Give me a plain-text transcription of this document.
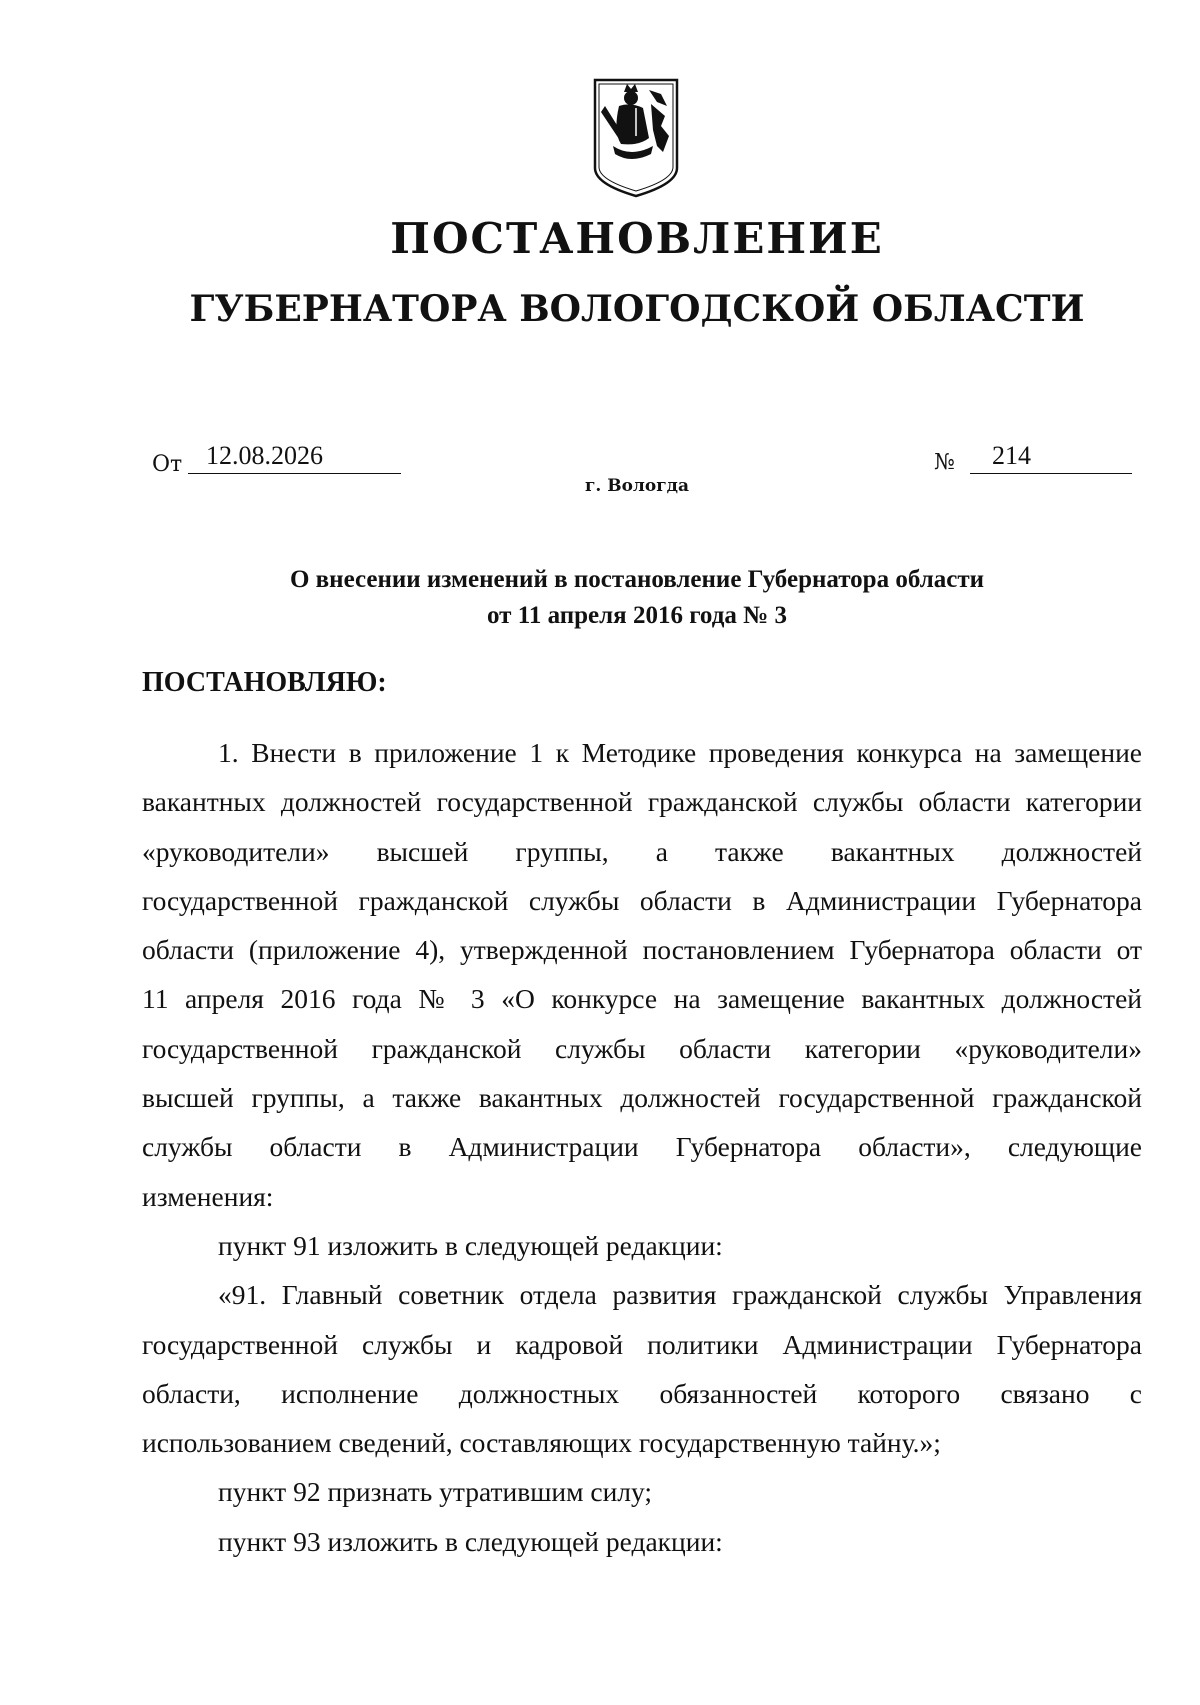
ПОСТАНОВЛЕНИЕ
ГУБЕРНАТОРА ВОЛОГОДСКОЙ ОБЛАСТИ
От 12.08.2026	№	214
г. Вологда
О внесении изменений в постановление Губернатора области
от 11 апреля 2016 года № 3
ПОСТАНОВЛЯЮ:

1. Внести в приложение 1 к Методике проведения конкурса на замещение
вакантных должностей государственной гражданской службы области категории
«руководители» высшей группы, а также вакантных должностей
государственной гражданской службы области в Администрации Губернатора
области (приложение 4), утвержденной постановлением Губернатора области от
11 апреля 2016 года № 3 «О конкурсе на замещение вакантных должностей
государственной гражданской службы области категории «руководители»
высшей группы, а также вакантных должностей государственной гражданской
службы области в Администрации Губернатора области», следующие
изменения:

пункт 91 изложить в следующей редакции:

«91. Главный советник отдела развития гражданской службы Управления
государственной службы и кадровой политики Администрации Губернатора
области, исполнение должностных обязанностей которого связано с
использованием сведений, составляющих государственную тайну.»;

пункт 92 признать утратившим силу;

пункт 93 изложить в следующей редакции:
